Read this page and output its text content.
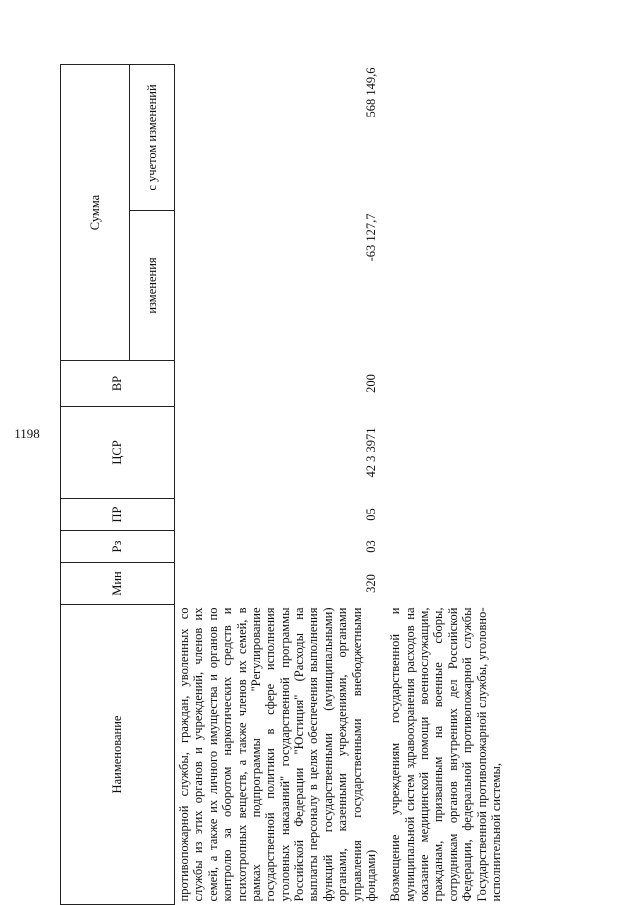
1198
Наименование	Мин	Рз	ПР	ЦСР	ВР	Сумма	
						изменения	с учетом изменений
противопожарной службы, граждан, уволенных со службы из этих органов и учреждений, членов их семей, а также их личного имущества и органов по контролю за оборотом наркотических средств и психотропных веществ, а также членов их семей, в рамках подпрограммы "Регулирование государственной политики в сфере исполнения уголовных наказаний" государственной программы Российской Федерации "Юстиция" (Расходы на выплаты персоналу в целях обеспечения выполнения функций государственными (муниципальными) органами, казенными учреждениями, органами управления государственными внебюджетными фондами)	320	03	05	42 3 3971	200	-63 127,7	568 149,6
Возмещение учреждениям государственной и муниципальной систем здравоохранения расходов на оказание медицинской помощи военнослужащим, гражданам, призванным на военные сборы, сотрудникам органов внутренних дел Российской Федерации, федеральной противопожарной службы Государственной противопожарной службы, уголовно-исполнительной системы,							
